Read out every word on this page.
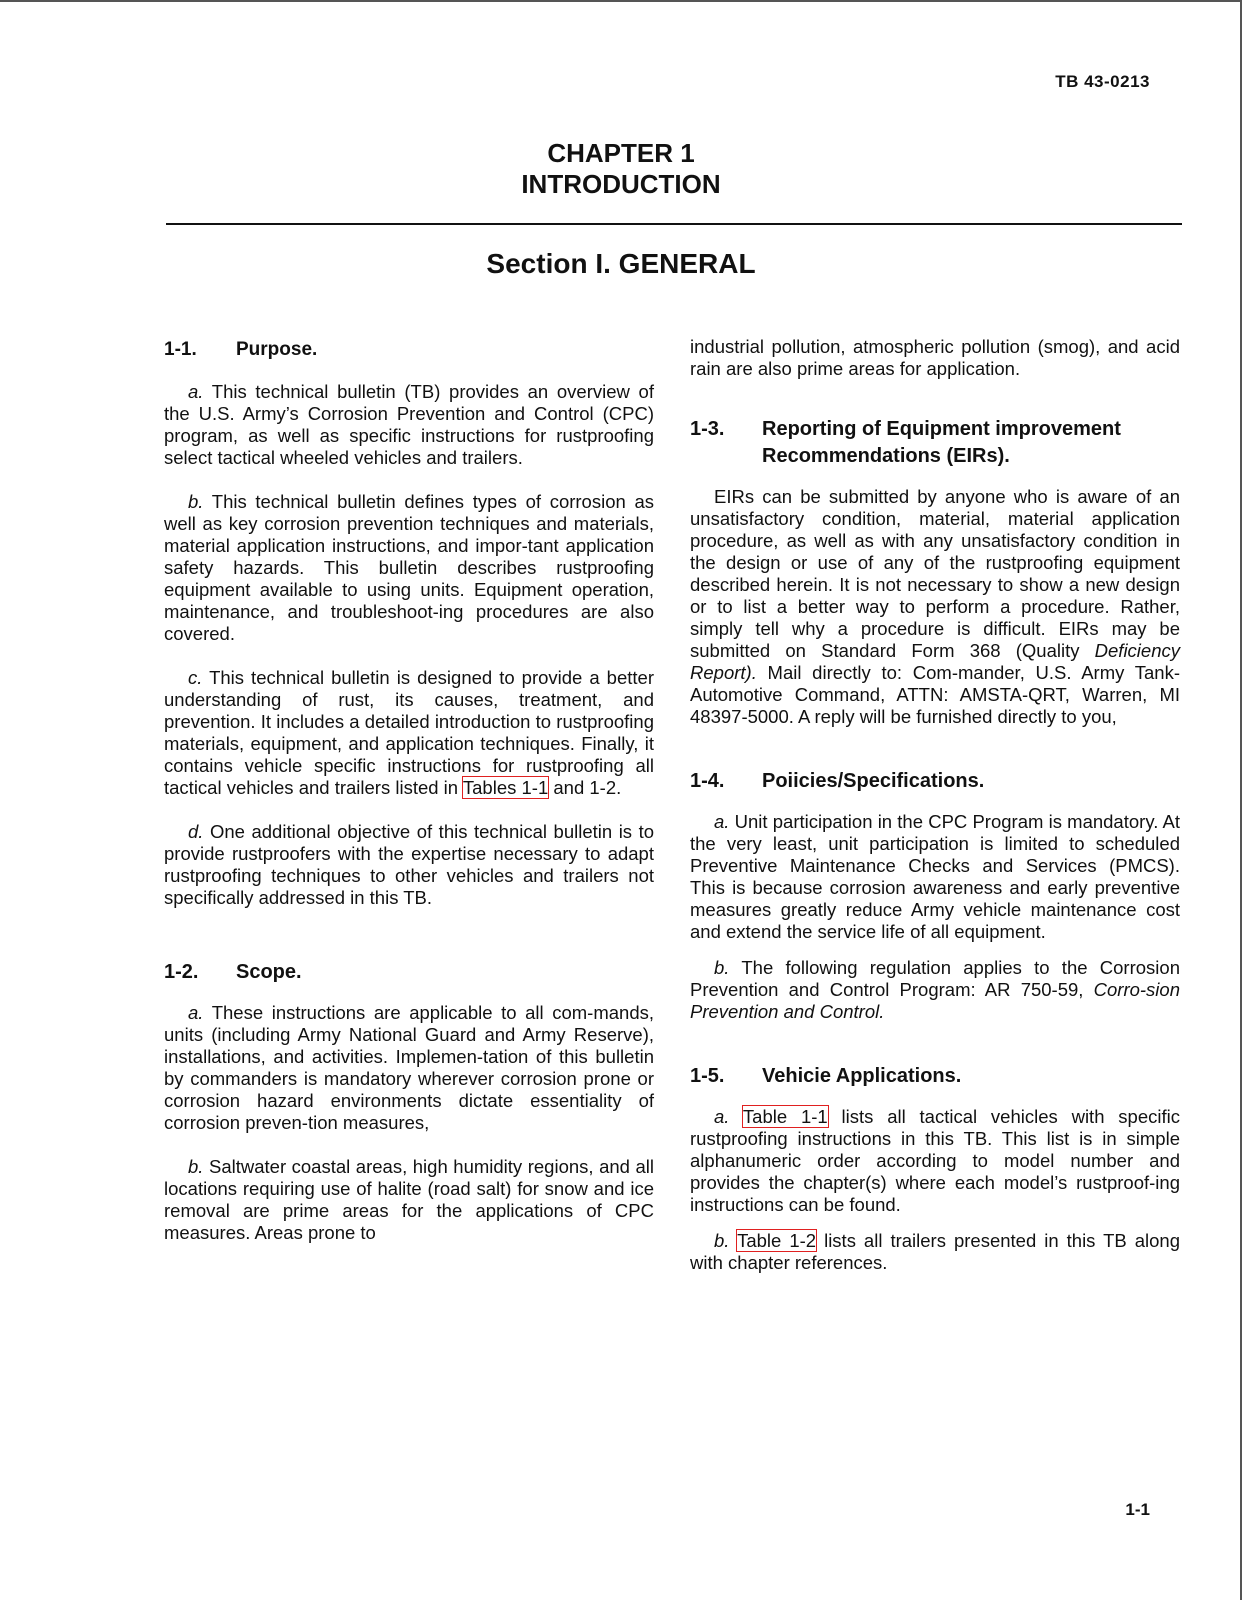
TB 43-0213
CHAPTER 1
INTRODUCTION
Section I. GENERAL
1-1.	Purpose.

a. This technical bulletin (TB) provides an overview of the U.S. Army’s Corrosion Prevention and Control (CPC) program, as well as specific instructions for rustproofing select tactical wheeled vehicles and trailers.

b. This technical bulletin defines types of corrosion as well as key corrosion prevention techniques and materials, material application instructions, and impor-tant application safety hazards. This bulletin describes rustproofing equipment available to using units. Equipment operation, maintenance, and troubleshoot-ing procedures are also covered.

c. This technical bulletin is designed to provide a better understanding of rust, its causes, treatment, and prevention. It includes a detailed introduction to rustproofing materials, equipment, and application techniques. Finally, it contains vehicle specific instructions for rustproofing all tactical vehicles and trailers listed in Tables 1-1 and 1-2.

d. One additional objective of this technical bulletin is to provide rustproofers with the expertise necessary to adapt rustproofing techniques to other vehicles and trailers not specifically addressed in this TB.

1-2.	Scope.

a. These instructions are applicable to all com-mands, units (including Army National Guard and Army Reserve), installations, and activities. Implemen-tation of this bulletin by commanders is mandatory wherever corrosion prone or corrosion hazard environments dictate essentiality of corrosion preven-tion measures,

b. Saltwater coastal areas, high humidity regions, and all locations requiring use of halite (road salt) for snow and ice removal are prime areas for the applications of CPC measures. Areas prone to

industrial pollution, atmospheric pollution (smog), and acid rain are also prime areas for application.

1-3.	Reporting of Equipment improvement Recommendations (EIRs).

EIRs can be submitted by anyone who is aware of an unsatisfactory condition, material, material application procedure, as well as with any unsatisfactory condition in the design or use of any of the rustproofing equipment described herein. It is not necessary to show a new design or to list a better way to perform a procedure. Rather, simply tell why a procedure is difficult. EIRs may be submitted on Standard Form 368 (Quality Deficiency Report). Mail directly to: Com-mander, U.S. Army Tank-Automotive Command, ATTN: AMSTA-QRT, Warren, MI 48397-5000. A reply will be furnished directly to you,

1-4.	Poiicies/Specifications.

a. Unit participation in the CPC Program is mandatory. At the very least, unit participation is limited to scheduled Preventive Maintenance Checks and Services (PMCS). This is because corrosion awareness and early preventive measures greatly reduce Army vehicle maintenance cost and extend the service life of all equipment.

b. The following regulation applies to the Corrosion Prevention and Control Program: AR 750-59, Corro-sion Prevention and Control.

1-5.	Vehicie Applications.

a. Table 1-1 lists all tactical vehicles with specific rustproofing instructions in this TB. This list is in simple alphanumeric order according to model number and provides the chapter(s) where each model’s rustproof-ing instructions can be found.

b. Table 1-2 lists all trailers presented in this TB along with chapter references.

1-1
